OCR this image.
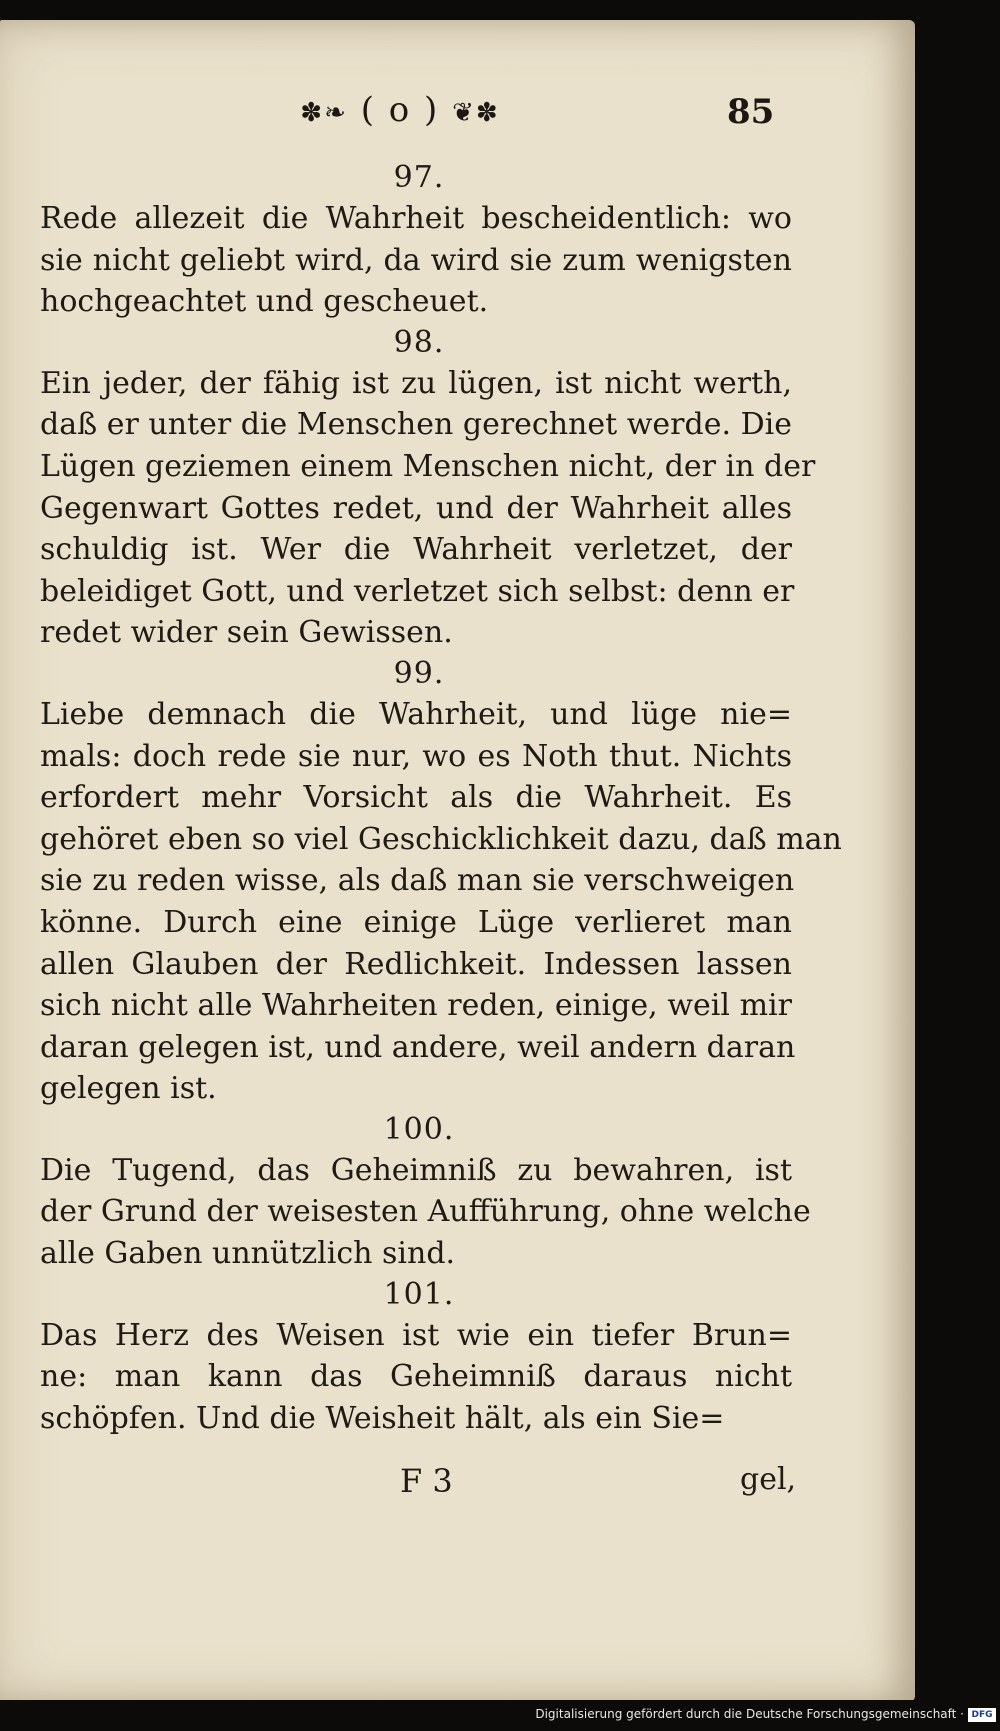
✽❧ ( o ) ❦✽	85
97.
Rede allezeit die Wahrheit bescheidentlich: wo
sie nicht geliebt wird, da wird sie zum wenigsten
hochgeachtet und gescheuet.
98.
Ein jeder, der fähig ist zu lügen, ist nicht werth,
daß er unter die Menschen gerechnet werde. Die
Lügen geziemen einem Menschen nicht, der in der
Gegenwart Gottes redet, und der Wahrheit alles
schuldig ist. Wer die Wahrheit verletzet, der
beleidiget Gott, und verletzet sich selbst: denn er
redet wider sein Gewissen.
99.
Liebe demnach die Wahrheit, und lüge nie=
mals: doch rede sie nur, wo es Noth thut. Nichts
erfordert mehr Vorsicht als die Wahrheit. Es
gehöret eben so viel Geschicklichkeit dazu, daß man
sie zu reden wisse, als daß man sie verschweigen
könne. Durch eine einige Lüge verlieret man
allen Glauben der Redlichkeit. Indessen lassen
sich nicht alle Wahrheiten reden, einige, weil mir
daran gelegen ist, und andere, weil andern daran
gelegen ist.
100.
Die Tugend, das Geheimniß zu bewahren, ist
der Grund der weisesten Aufführung, ohne welche
alle Gaben unnützlich sind.
101.
Das Herz des Weisen ist wie ein tiefer Brun=
ne: man kann das Geheimniß daraus nicht
schöpfen. Und die Weisheit hält, als ein Sie=
F 3	gel,
Digitalisierung gefördert durch die Deutsche Forschungsgemeinschaft · DFG
